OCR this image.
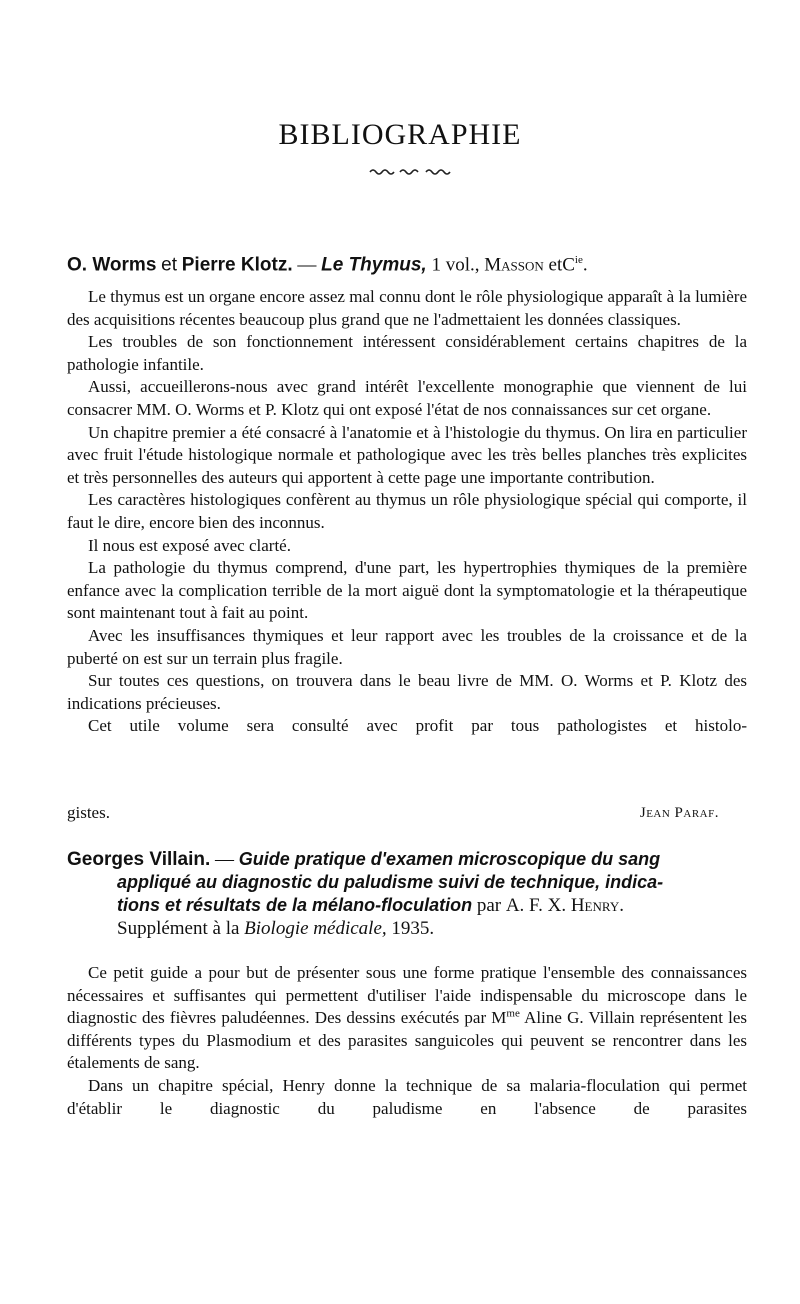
BIBLIOGRAPHIE
O. Worms et Pierre Klotz. — Le Thymus, 1 vol., Masson etC$^{ie}$.

Le thymus est un organe encore assez mal connu dont le rôle physiologique apparaît à la lumière des acquisitions récentes beaucoup plus grand que ne l'admettaient les données classiques.

Les troubles de son fonctionnement intéressent considérablement certains chapitres de la pathologie infantile.

Aussi, accueillerons-nous avec grand intérêt l'excellente monographie que viennent de lui consacrer MM. O. Worms et P. Klotz qui ont exposé l'état de nos connaissances sur cet organe.

Un chapitre premier a été consacré à l'anatomie et à l'histologie du thymus. On lira en particulier avec fruit l'étude histologique normale et pathologique avec les très belles planches très explicites et très personnelles des auteurs qui apportent à cette page une importante contribution.

Les caractères histologiques confèrent au thymus un rôle physiologique spécial qui comporte, il faut le dire, encore bien des inconnus.

Il nous est exposé avec clarté.

La pathologie du thymus comprend, d'une part, les hypertrophies thymiques de la première enfance avec la complication terrible de la mort aiguë dont la symptomatologie et la thérapeutique sont maintenant tout à fait au point.

Avec les insuffisances thymiques et leur rapport avec les troubles de la croissance et de la puberté on est sur un terrain plus fragile.

Sur toutes ces questions, on trouvera dans le beau livre de MM. O. Worms et P. Klotz des indications précieuses.

Cet utile volume sera consulté avec profit par tous pathologistes et histolo-

gistes.	Jean Paraf.
Georges Villain. — Guide pratique d'examen microscopique du sang
appliqué au diagnostic du paludisme suivi de technique, indica-
tions et résultats de la mélano-floculation par A. F. X. Henry.
Supplément à la Biologie médicale, 1935.

Ce petit guide a pour but de présenter sous une forme pratique l'ensemble des connaissances nécessaires et suffisantes qui permettent d'utiliser l'aide indispensable du microscope dans le diagnostic des fièvres paludéennes. Des dessins exécutés par $M^{me}$ Aline G. Villain représentent les différents types du Plasmodium et des parasites sanguicoles qui peuvent se rencontrer dans les étalements de sang.

Dans un chapitre spécial, Henry donne la technique de sa malaria-floculation qui permet d'établir le diagnostic du paludisme en l'absence de parasites
